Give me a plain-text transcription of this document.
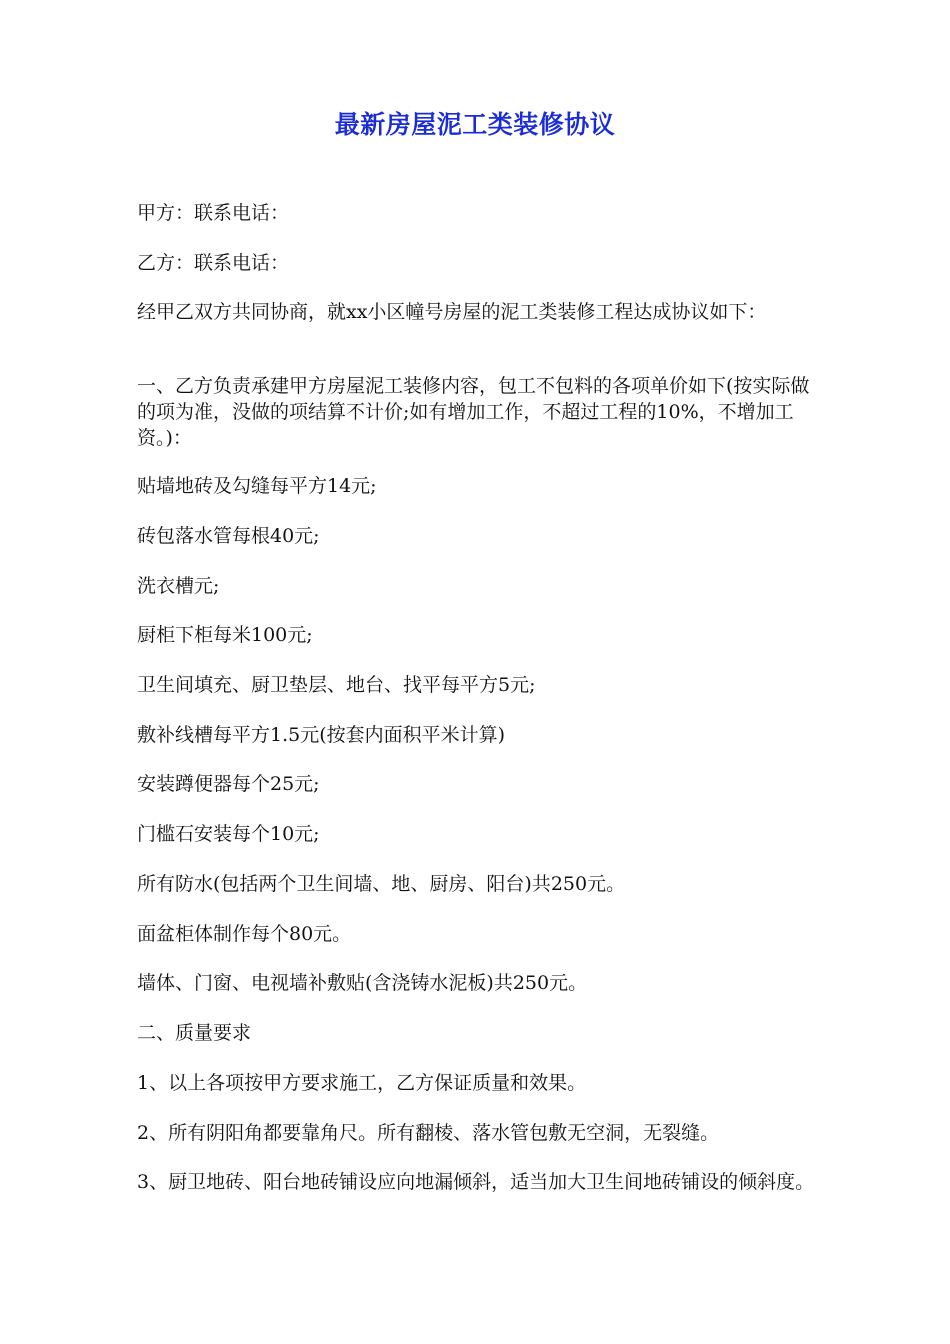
最新房屋泥工类装修协议

甲方：联系电话：

乙方：联系电话：

经甲乙双方共同协商，就xx小区幢号房屋的泥工类装修工程达成协议如下：

一、乙方负责承建甲方房屋泥工装修内容，包工不包料的各项单价如下(按实际做的项为准，没做的项结算不计价;如有增加工作，不超过工程的10%，不增加工资。)：

贴墙地砖及勾缝每平方14元;

砖包落水管每根40元;

洗衣槽元;

厨柜下柜每米100元;

卫生间填充、厨卫垫层、地台、找平每平方5元;

敷补线槽每平方1.5元(按套内面积平米计算)

安装蹲便器每个25元;

门槛石安装每个10元;

所有防水(包括两个卫生间墙、地、厨房、阳台)共250元。

面盆柜体制作每个80元。

墙体、门窗、电视墙补敷贴(含浇铸水泥板)共250元。

二、质量要求

1、以上各项按甲方要求施工，乙方保证质量和效果。

2、所有阴阳角都要靠角尺。所有翻棱、落水管包敷无空洞，无裂缝。

3、厨卫地砖、阳台地砖铺设应向地漏倾斜，适当加大卫生间地砖铺设的倾斜度。
